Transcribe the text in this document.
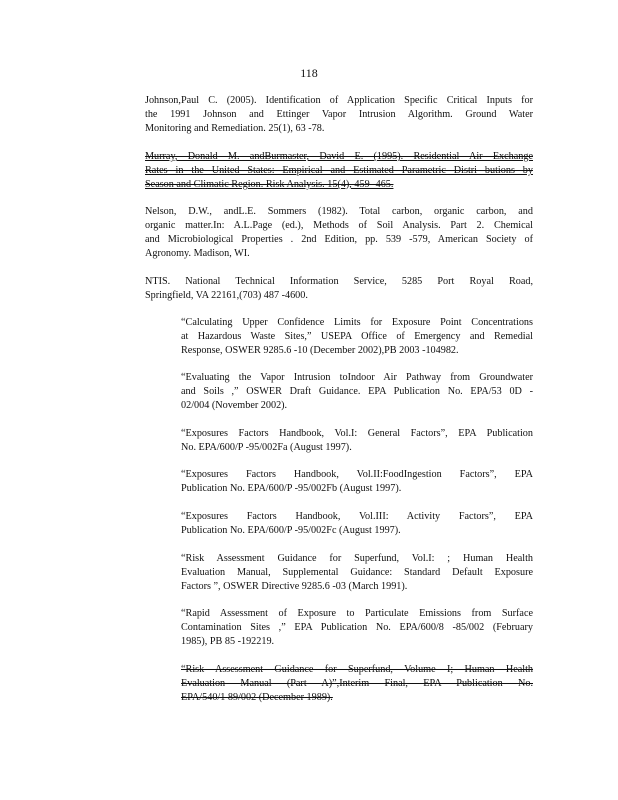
118
Johnson,Paul C. (2005). Identification of Application Specific Critical Inputs for
the 1991 Johnson and Ettinger Vapor Intrusion Algorithm. Ground Water
Monitoring and Remediation. 25(1), 63 -78.
Murray, Donald M. andBurmaster, David E. (1995). Residential Air Exchange
Rates in the United States: Empirical and Estimated Parametric Distri butions by
Season and Climatic Region. Risk Analysis. 15(4), 459 -465.
Nelson, D.W., andL.E. Sommers (1982). Total carbon, organic carbon, and
organic matter.In: A.L.Page (ed.), Methods of Soil Analysis. Part 2. Chemical
and Microbiological Properties . 2nd Edition, pp. 539 -579, American Society of
Agronomy. Madison, WI.
NTIS. National Technical Information Service, 5285 Port Royal Road,
Springfield, VA 22161,(703) 487 -4600.
“Calculating Upper Confidence Limits for Exposure Point Concentrations
at Hazardous Waste Sites,” USEPA Office of Emergency and Remedial
Response, OSWER 9285.6 -10 (December 2002),PB 2003 -104982.
“Evaluating the Vapor Intrusion toIndoor Air Pathway from Groundwater
and Soils ,” OSWER Draft Guidance. EPA Publication No. EPA/53 0D -
02/004 (November 2002).
“Exposures Factors Handbook, Vol.I: General Factors”, EPA Publication
No. EPA/600/P -95/002Fa (August 1997).
“Exposures Factors Handbook, Vol.II:FoodIngestion Factors”, EPA
Publication No. EPA/600/P -95/002Fb (August 1997).
“Exposures Factors Handbook, Vol.III: Activity Factors”, EPA
Publication No. EPA/600/P -95/002Fc (August 1997).
“Risk Assessment Guidance for Superfund, Vol.I: ; Human Health
Evaluation Manual, Supplemental Guidance: Standard Default Exposure
Factors ”, OSWER Directive 9285.6 -03 (March 1991).
“Rapid Assessment of Exposure to Particulate Emissions from Surface
Contamination Sites ,” EPA Publication No. EPA/600/8 -85/002 (February
1985), PB 85 -192219.
“Risk Assessment Guidance for Superfund, Volume I; Human Health
Evaluation Manual (Part A)”,Interim Final, EPA Publication No.
EPA/540/1 89/002 (December 1989).
